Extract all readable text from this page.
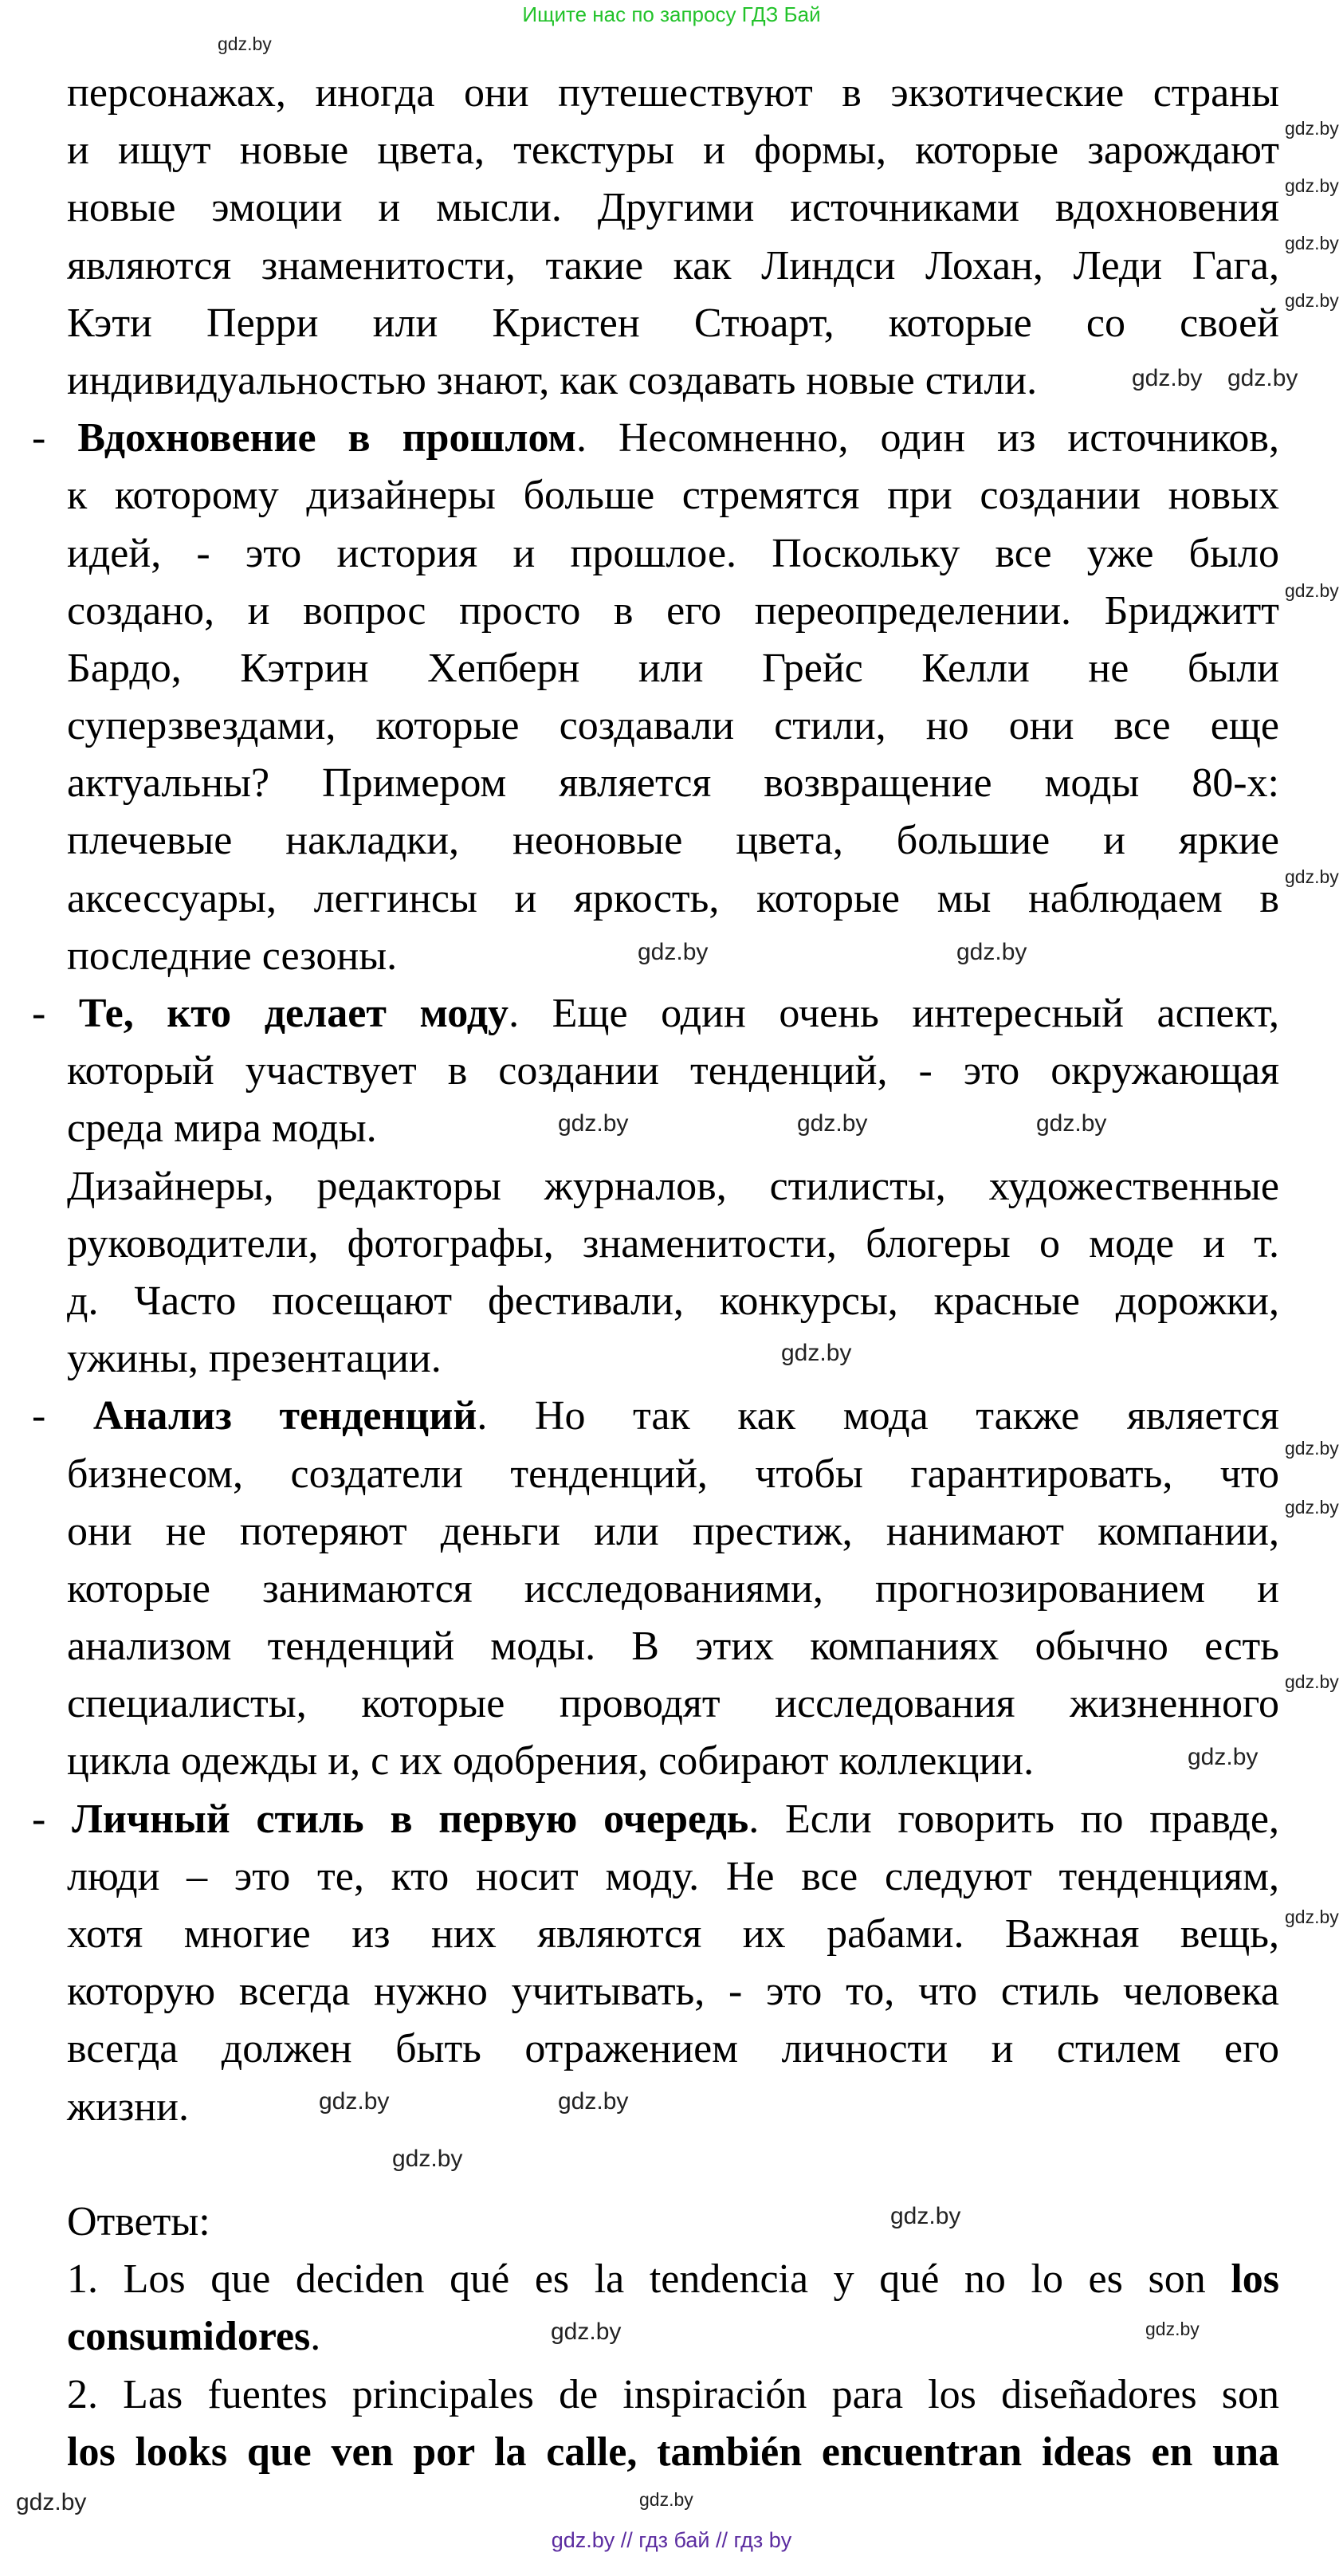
Ищите нас по запросу ГДЗ Бай
персонажах, иногда они путешествуют в экзотические страны
и ищут новые цвета, текстуры и формы, которые зарождают
новые эмоции и мысли. Другими источниками вдохновения
являются знаменитости, такие как Линдси Лохан, Леди Гага,
Кэти Перри или Кристен Стюарт, которые со своей
индивидуальностью знают, как создавать новые стили.
- Вдохновение в прошлом. Несомненно, один из источников,
к которому дизайнеры больше стремятся при создании новых
идей, - это история и прошлое. Поскольку все уже было
создано, и вопрос просто в его переопределении. Бриджитт
Бардо, Кэтрин Хепберн или Грейс Келли не были
суперзвездами, которые создавали стили, но они все еще
актуальны? Примером является возвращение моды 80-х:
плечевые накладки, неоновые цвета, большие и яркие
аксессуары, леггинсы и яркость, которые мы наблюдаем в
последние сезоны.
- Те, кто делает моду. Еще один очень интересный аспект,
который участвует в создании тенденций, - это окружающая
среда мира моды.
Дизайнеры, редакторы журналов, стилисты, художественные
руководители, фотографы, знаменитости, блогеры о моде и т.
д. Часто посещают фестивали, конкурсы, красные дорожки,
ужины, презентации.
- Анализ тенденций. Но так как мода также является
бизнесом, создатели тенденций, чтобы гарантировать, что
они не потеряют деньги или престиж, нанимают компании,
которые занимаются исследованиями, прогнозированием и
анализом тенденций моды. В этих компаниях обычно есть
специалисты, которые проводят исследования жизненного
цикла одежды и, с их одобрения, собирают коллекции.
- Личный стиль в первую очередь. Если говорить по правде,
люди – это те, кто носит моду. Не все следуют тенденциям,
хотя многие из них являются их рабами. Важная вещь,
которую всегда нужно учитывать, - это то, что стиль человека
всегда должен быть отражением личности и стилем его
жизни.
Ответы:
1. Los que deciden qué es la tendencia y qué no lo es son los
consumidores.
2. Las fuentes principales de inspiración para los diseñadores son
los looks que ven por la calle, también encuentran ideas en una
gdz.by
gdz.by
gdz.by
gdz.by
gdz.by
gdz.by gdz.by
gdz.by
gdz.by
gdz.by	gdz.by
gdz.by	gdz.by	gdz.by
gdz.by
gdz.by
gdz.by
gdz.by
gdz.by
gdz.by
gdz.by	gdz.by
gdz.by
gdz.by
gdz.by	gdz.by
gdz.by	gdz.by
gdz.by // гдз бай // гдз by
